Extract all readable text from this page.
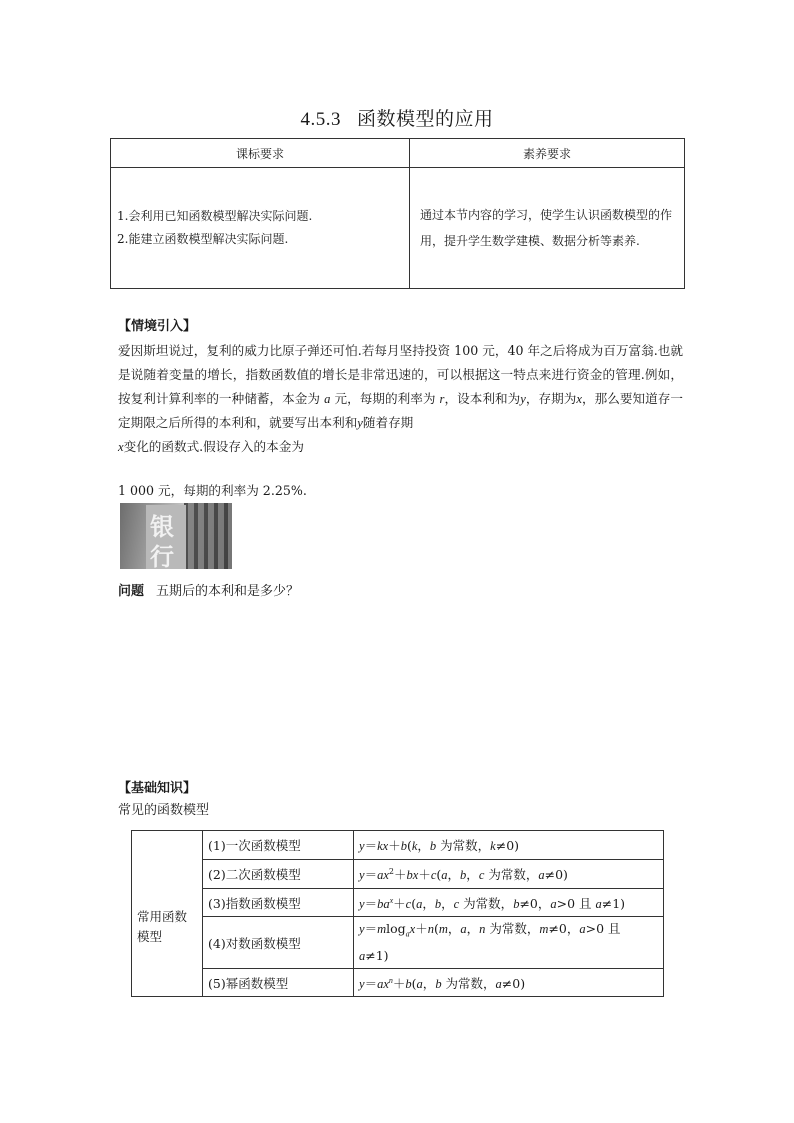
4.5.3 函数模型的应用
课标要求	素养要求

1.会利用已知函数模型解决实际问题.
2.能建立函数模型解决实际问题.	通过本节内容的学习，使学生认识函数模型的作用，提升学生数学建模、数据分析等素养.
【情境引入】
爱因斯坦说过，复利的威力比原子弹还可怕.若每月坚持投资 100 元，40 年之后将成为百万富翁.也就是说随着变量的增长，指数函数值的增长是非常迅速的，可以根据这一特点来进行资金的管理.例如，按复利计算利率的一种储蓄，本金为 a 元，每期的利率为 r，设本利和为y，存期为x，那么要知道存一定期限之后所得的本利和，就要写出本利和y随着存期
x变化的函数式.假设存入的本金为
1 000 元，每期的利率为 2.25%.
银
行
问题 五期后的本利和是多少？
【基础知识】
常见的函数模型
常用函数模型	(1)一次函数模型	y＝kx＋b(k，b 为常数，k≠0)
	(2)二次函数模型	$y=ax^2+bx+c(a$，b，c 为常数，a≠0)
	(3)指数函数模型	$y=ba^x+c(a$，b，c 为常数，b≠0，a>0 且 a≠1)
	(4)对数函数模型	y＝mlog$_a$x＋n(m，a，n 为常数，m≠0，a>0 且
a≠1)
	(5)幂函数模型	$y=ax^n+b(a$，b 为常数，a≠0)
